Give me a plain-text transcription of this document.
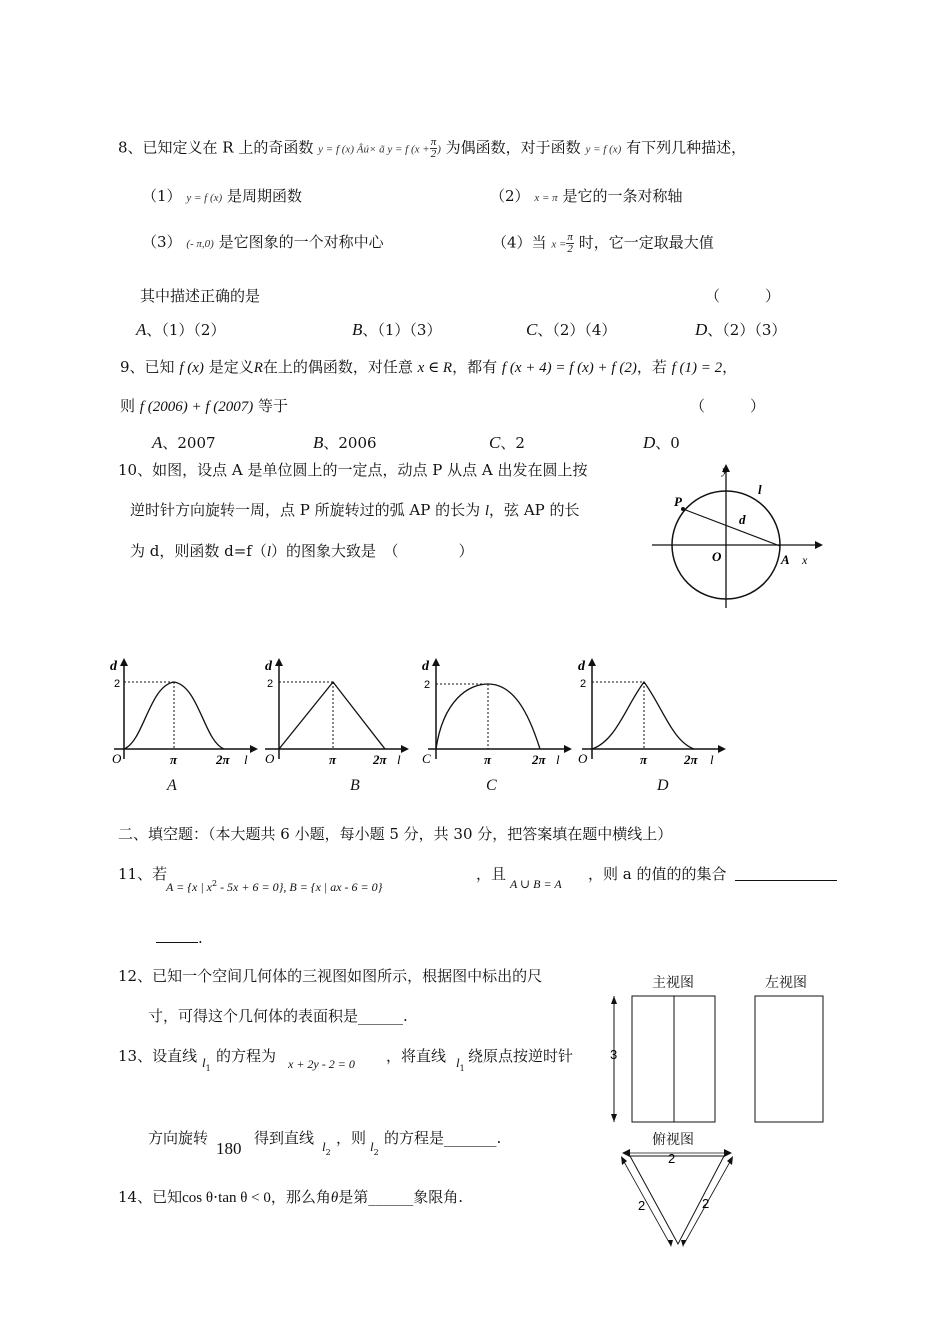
8、已知定义在 R 上的奇函数 y = f (x) Âú× ã y = f ($x + \frac{\pi}{2}$ ) 为偶函数，对于函数 y = f (x) 有下列几种描述，
（1） y = f (x) 是周期函数	（2） x = π 是它的一条对称轴
（3） (- π,0) 是它图象的一个对称中心	（4）当 $x = \frac{\pi}{2}$ 时，它一定取最大值
其中描述正确的是	（　　　）
A、（1）（2）	B、（1）（3）	C、（2）（4）	D、（2）（3）
9、已知 f (x) 是定义R在上的偶函数，对任意 x ∈ R，都有 f (x + 4) = f (x) + f (2)，若 f (1) = 2，
则 f (2006) + f (2007) 等于	（　　　）
A、2007	B、2006	C、2	D、0
10、如图，设点 A 是单位圆上的一定点，动点 P 从点 A 出发在圆上按
逆时针方向旋转一周，点 P 所旋转过的弧 AP 的长为 l，弦 AP 的长
为 d，则函数 d=f（l）的图象大致是　（　　　　）
y
P
l
d
O	A x
d
2
O	π	2π l
A
d
2
O	π	2π l
B
d
2
C	π	2π l
C
d
2
O	π	2π l
D
二、填空题：（本大题共 6 小题，每小题 5 分，共 30 分，把答案填在题中横线上）
11、若
A = {x | $x^2 - 5x + 6 = 0$}, B = {x | ax - 6 = 0}
，且
A ∪ B = A
，则 a 的值的的集合
.
12、已知一个空间几何体的三视图如图所示，根据图中标出的尺
寸，可得这个几何体的表面积是______.
主视图	左视图
3
俯视图
2
2	2
13、设直线 $l_1$
的方程为 x + 2y - 2 = 0 ，将直线 $l_1$
绕原点按逆时针
方向旋转
180
得到直线 $l_2$
，则 $l_2$
的方程是_______.
14、已知cos θ⋅tan θ < 0，那么角θ是第______象限角.
